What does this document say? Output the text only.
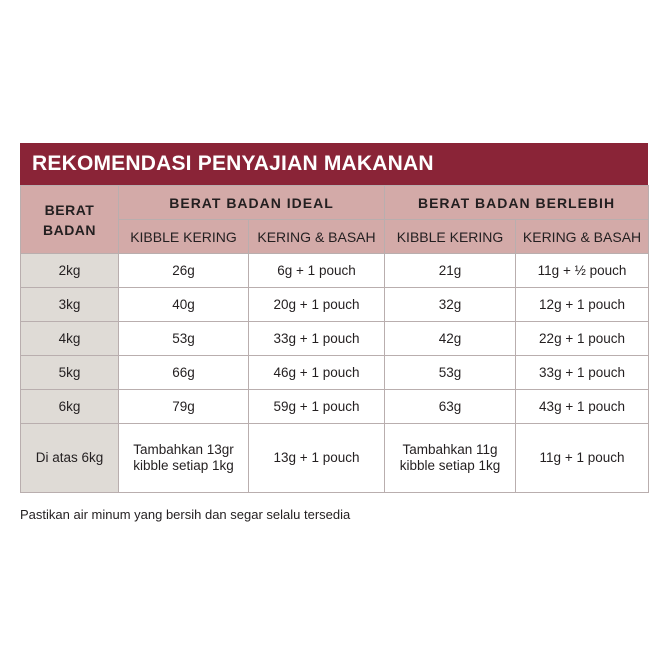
REKOMENDASI PENYAJIAN MAKANAN
BERAT BADAN	BERAT BADAN IDEAL		BERAT BADAN BERLEBIH	
	KIBBLE KERING	KERING & BASAH	KIBBLE KERING	KERING & BASAH
2kg	26g	6g + 1 pouch	21g	11g + ½ pouch
3kg	40g	20g + 1 pouch	32g	12g + 1 pouch
4kg	53g	33g + 1 pouch	42g	22g + 1 pouch
5kg	66g	46g + 1 pouch	53g	33g + 1 pouch
6kg	79g	59g + 1 pouch	63g	43g + 1 pouch
Di atas 6kg	Tambahkan 13gr kibble setiap 1kg	13g + 1 pouch	Tambahkan 11g kibble setiap 1kg	11g + 1 pouch
Pastikan air minum yang bersih dan segar selalu tersedia
